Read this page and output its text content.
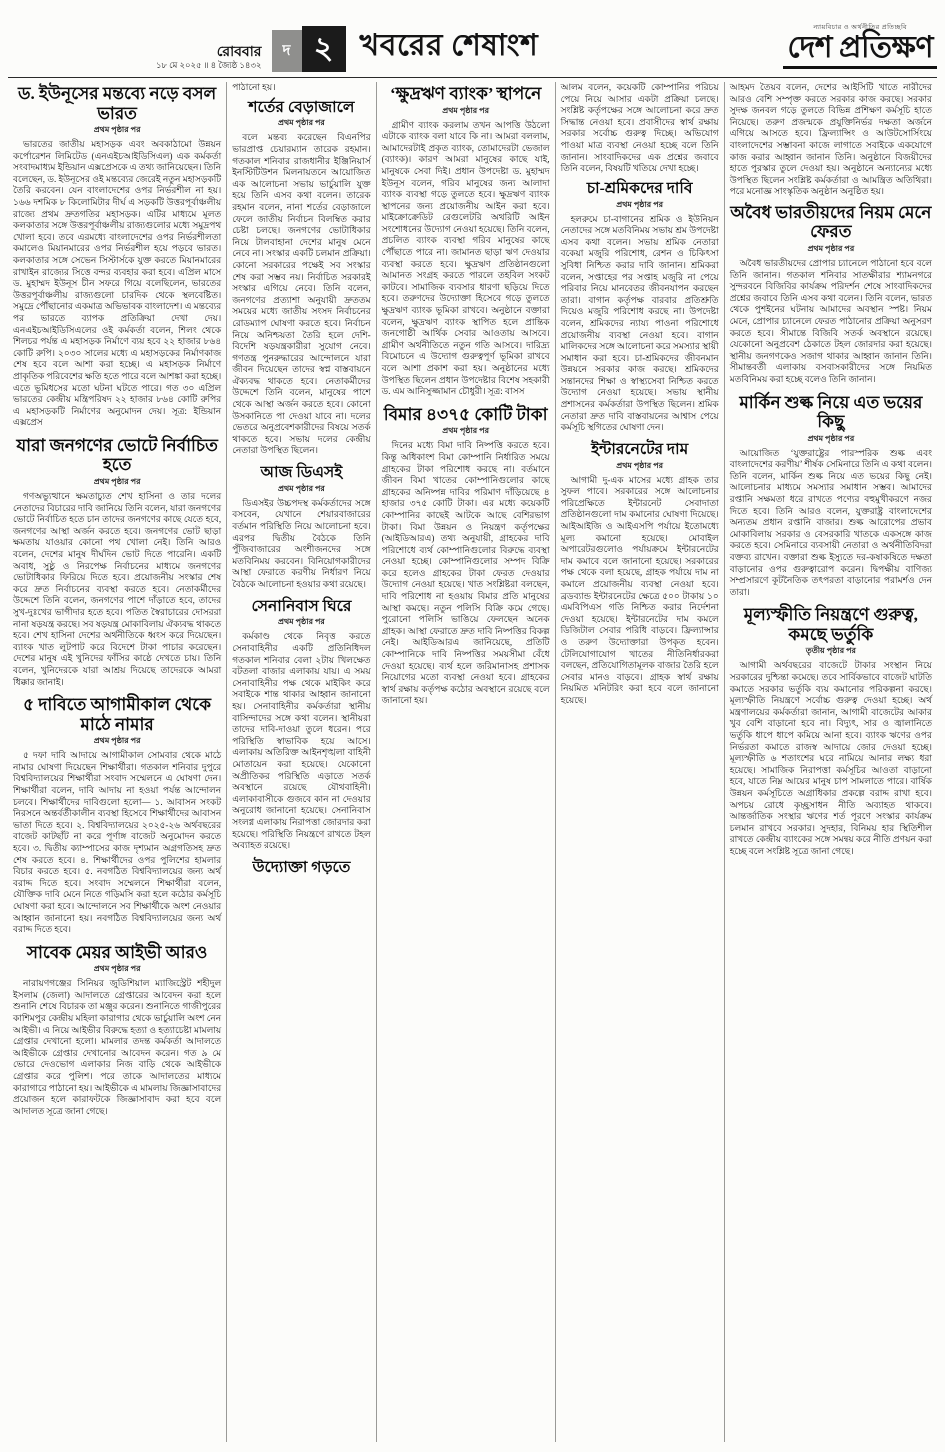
রোববার
১৮ মে ২০২৫ ॥ ৪ জ্যৈষ্ঠ ১৪৩২
দ ২ খবরের শেষাংশ
ন্যায়বিচার ও অর্থনীতির প্রতিচ্ছবি
দেশ প্রতিক্ষণ
ড. ইউনূসের মন্তব্যে নড়ে বসল ভারত
প্রথম পৃষ্ঠার পর

ভারতের জাতীয় মহাসড়ক এবং অবকাঠামো উন্নয়ন কর্পোরেশন লিমিটেড (এনএইচআইডিসিএল) এক কর্মকর্তা সংবাদমাধ্যম ইন্ডিয়ান এক্সপ্রেসকে এ তথ্য জানিয়েছেন। তিনি বলেছেন, ড. ইউনূসের ওই মন্তব্যের জেরেই নতুন মহাসড়কটি তৈরি করবেন। যেন বাংলাদেশের ওপর নির্ভরশীল না হয়। ১৬৬ দশমিক ৮ কিলোমিটার দীর্ঘ এ সড়কটি উত্তরপূর্বাঞ্চলীয় রাজ্যে প্রথম দ্রুতগতির মহাসড়ক। এটির মাধ্যমে মূলত কলকাতার সঙ্গে উত্তরপূর্বাঞ্চলীয় রাজ্যগুলোর মধ্যে সমুদ্রপথ খোলা হবে। তবে এরমধ্যে বাংলাদেশের ওপর নির্ভরশীলতা কমালেও মিয়ানমারের ওপর নির্ভরশীল হয়ে পড়বে ভারত। কলকাতার সঙ্গে সেভেন সিস্টার্সকে যুক্ত করতে মিয়ানমারের রাখাইন রাজ্যের সিত্তে বন্দর ব্যবহার করা হবে। এপ্রিল মাসে ড. মুহাম্মদ ইউনূস চীন সফরে গিয়ে বলেছিলেন, ভারতের উত্তরপূর্বাঞ্চলীয় রাজ্যগুলো চারদিক থেকে স্থলবেষ্টিত। সমুদ্রে পৌঁছানোর একমাত্র অভিভাবক বাংলাদেশ। এ মন্তব্যের পর ভারতে ব্যাপক প্রতিক্রিয়া দেখা দেয়। এনএইচআইডিসিএলের ওই কর্মকর্তা বলেন, শিলং থেকে শিলচর পর্যন্ত এ মহাসড়ক নির্মাণে ব্যয় হবে ২২ হাজার ৮৬৪ কোটি রুপি। ২০৩০ সালের মধ্যে এ মহাসড়কের নির্মাণকাজ শেষ হবে বলে আশা করা হচ্ছে। এ মহাসড়ক নির্মাণে প্রাকৃতিক পরিবেশের ক্ষতি হতে পারে বলে আশঙ্কা করা হচ্ছে। এতে ভূমিধসের মতো ঘটনা ঘটতে পারে। গত ৩০ এপ্রিল ভারতের কেন্দ্রীয় মন্ত্রিপরিষদ ২২ হাজার ৮৬৪ কোটি রুপির এ মহাসড়কটি নির্মাণের অনুমোদন দেয়। সূত্র: ইন্ডিয়ান এক্সপ্রেস

যারা জনগণের ভোটে নির্বাচিত হতে
প্রথম পৃষ্ঠার পর

গণঅভ্যুত্থানে ক্ষমতাচ্যুত শেখ হাসিনা ও তার দলের নেতাদের বিচারের দাবি জানিয়ে তিনি বলেন, যারা জনগণের ভোটে নির্বাচিত হতে চান তাদের জনগণের কাছে যেতে হবে, জনগণের আস্থা অর্জন করতে হবে। জনগণের ভোট ছাড়া ক্ষমতায় যাওয়ার কোনো পথ খোলা নেই। তিনি আরও বলেন, দেশের মানুষ দীর্ঘদিন ভোট দিতে পারেনি। একটি অবাধ, সুষ্ঠু ও নিরপেক্ষ নির্বাচনের মাধ্যমে জনগণের ভোটাধিকার ফিরিয়ে দিতে হবে। প্রয়োজনীয় সংস্কার শেষ করে দ্রুত নির্বাচনের ব্যবস্থা করতে হবে। নেতাকর্মীদের উদ্দেশে তিনি বলেন, জনগণের পাশে দাঁড়াতে হবে, তাদের সুখ-দুঃখের ভাগীদার হতে হবে। পতিত স্বৈরাচারের দোসররা নানা ষড়যন্ত্র করছে। সব ষড়যন্ত্র মোকাবিলায় ঐক্যবদ্ধ থাকতে হবে। শেখ হাসিনা দেশের অর্থনীতিকে ধ্বংস করে দিয়েছেন। ব্যাংক খাত লুটপাট করে বিদেশে টাকা পাচার করেছেন। দেশের মানুষ এই খুনিদের ফাঁসির কাষ্ঠে দেখতে চায়। তিনি বলেন, খুনিদেরকে যারা আশ্রয় দিয়েছে তাদেরকে আমরা ধিক্কার জানাই।

৫ দাবিতে আগামীকাল থেকে মাঠে নামার
প্রথম পৃষ্ঠার পর

৫ দফা দাবি আদায়ে আগামীকাল সোমবার থেকে মাঠে নামার ঘোষণা দিয়েছেন শিক্ষার্থীরা। গতকাল শনিবার দুপুরে বিশ্ববিদ্যালয়ের শিক্ষার্থীরা সংবাদ সম্মেলনে এ ঘোষণা দেন। শিক্ষার্থীরা বলেন, দাবি আদায় না হওয়া পর্যন্ত আন্দোলন চলবে। শিক্ষার্থীদের দাবিগুলো হলো— ১. আবাসন সংকট নিরসনে অন্তর্বর্তীকালীন ব্যবস্থা হিসেবে শিক্ষার্থীদের আবাসন ভাতা দিতে হবে। ২. বিশ্ববিদ্যালয়ের ২০২৫-২৬ অর্থবছরের বাজেট কাটছাঁট না করে পূর্ণাঙ্গ বাজেট অনুমোদন করতে হবে। ৩. দ্বিতীয় ক্যাম্পাসের কাজ দৃশ্যমান অগ্রগতিসহ দ্রুত শেষ করতে হবে। ৪. শিক্ষার্থীদের ওপর পুলিশের হামলার বিচার করতে হবে। ৫. নবগঠিত বিশ্ববিদ্যালয়ের জন্য অর্থ বরাদ্দ দিতে হবে। সংবাদ সম্মেলনে শিক্ষার্থীরা বলেন, যৌক্তিক দাবি মেনে নিতে গড়িমসি করা হলে কঠোর কর্মসূচি ঘোষণা করা হবে। আন্দোলনে সব শিক্ষার্থীকে অংশ নেওয়ার আহ্বান জানানো হয়। নবগঠিত বিশ্ববিদ্যালয়ের জন্য অর্থ বরাদ্দ দিতে হবে।

সাবেক মেয়র আইভী আরও
প্রথম পৃষ্ঠার পর

নারায়ণগঞ্জের সিনিয়র জুডিশিয়াল ম্যাজিস্ট্রেট শহীদুল ইসলাম (জেলা) আদালতে গ্রেপ্তারের আবেদন করা হলে শুনানি শেষে বিচারক তা মঞ্জুর করেন। শুনানিতে গাজীপুরের কাশিমপুর কেন্দ্রীয় মহিলা কারাগার থেকে ভার্চুয়ালি অংশ নেন আইভী। এ নিয়ে আইভীর বিরুদ্ধে হত্যা ও হত্যাচেষ্টা মামলায় গ্রেপ্তার দেখানো হলো। মামলার তদন্ত কর্মকর্তা আদালতে আইভীকে গ্রেপ্তার দেখানোর আবেদন করেন। গত ৯ মে ভোরে দেওভোগ এলাকার নিজ বাড়ি থেকে আইভীকে গ্রেপ্তার করে পুলিশ। পরে তাকে আদালতের মাধ্যমে কারাগারে পাঠানো হয়। আইভীকে এ মামলায় জিজ্ঞাসাবাদের প্রয়োজন হলে কারাফটকে জিজ্ঞাসাবাদ করা হবে বলে আদালত সূত্রে জানা গেছে।

পাঠানো হয়।

শর্তের বেড়াজালে
প্রথম পৃষ্ঠার পর

বলে মন্তব্য করেছেন বিএনপির ভারপ্রাপ্ত চেয়ারম্যান তারেক রহমান। গতকাল শনিবার রাজধানীর ইঞ্জিনিয়ার্স ইনস্টিটিউশন মিলনায়তনে আয়োজিত এক আলোচনা সভায় ভার্চুয়ালি যুক্ত হয়ে তিনি এসব কথা বলেন। তারেক রহমান বলেন, নানা শর্তের বেড়াজালে ফেলে জাতীয় নির্বাচন বিলম্বিত করার চেষ্টা চলছে। জনগণের ভোটাধিকার নিয়ে টালবাহানা দেশের মানুষ মেনে নেবে না। সংস্কার একটি চলমান প্রক্রিয়া। কোনো সরকারের পক্ষেই সব সংস্কার শেষ করা সম্ভব নয়। নির্বাচিত সরকারই সংস্কার এগিয়ে নেবে। তিনি বলেন, জনগণের প্রত্যাশা অনুযায়ী দ্রুততম সময়ের মধ্যে জাতীয় সংসদ নির্বাচনের রোডম্যাপ ঘোষণা করতে হবে। নির্বাচন নিয়ে অনিশ্চয়তা তৈরি হলে দেশি-বিদেশি ষড়যন্ত্রকারীরা সুযোগ নেবে। গণতন্ত্র পুনরুদ্ধারের আন্দোলনে যারা জীবন দিয়েছেন তাদের স্বপ্ন বাস্তবায়নে ঐক্যবদ্ধ থাকতে হবে। নেতাকর্মীদের উদ্দেশে তিনি বলেন, মানুষের পাশে থেকে আস্থা অর্জন করতে হবে। কোনো উসকানিতে পা দেওয়া যাবে না। দলের ভেতরে অনুপ্রবেশকারীদের বিষয়ে সতর্ক থাকতে হবে। সভায় দলের কেন্দ্রীয় নেতারা উপস্থিত ছিলেন।

আজ ডিএসই
প্রথম পৃষ্ঠার পর

ডিএসইর উচ্চপদস্থ কর্মকর্তাদের সঙ্গে বসবেন, যেখানে শেয়ারবাজারের বর্তমান পরিস্থিতি নিয়ে আলোচনা হবে। এরপর দ্বিতীয় বৈঠকে তিনি পুঁজিবাজারের অংশীজনদের সঙ্গে মতবিনিময় করবেন। বিনিয়োগকারীদের আস্থা ফেরাতে করণীয় নির্ধারণ নিয়ে বৈঠকে আলোচনা হওয়ার কথা রয়েছে।

সেনানিবাস ঘিরে
প্রথম পৃষ্ঠার পর

কর্মকাণ্ড থেকে নিবৃত্ত করতে সেনাবাহিনীর একটি প্রতিনিধিদল গতকাল শনিবার বেলা ২টায় খিলক্ষেত বটতলা বাজার এলাকায় যায়। এ সময় সেনাবাহিনীর পক্ষ থেকে মাইকিং করে সবাইকে শান্ত থাকার আহ্বান জানানো হয়। সেনাবাহিনীর কর্মকর্তারা স্থানীয় বাসিন্দাদের সঙ্গে কথা বলেন। স্থানীয়রা তাদের দাবি-দাওয়া তুলে ধরেন। পরে পরিস্থিতি স্বাভাবিক হয়ে আসে। এলাকায় অতিরিক্ত আইনশৃঙ্খলা বাহিনী মোতায়েন করা হয়েছে। যেকোনো অপ্রীতিকর পরিস্থিতি এড়াতে সতর্ক অবস্থানে রয়েছে যৌথবাহিনী। এলাকাবাসীকে গুজবে কান না দেওয়ার অনুরোধ জানানো হয়েছে। সেনানিবাস সংলগ্ন এলাকায় নিরাপত্তা জোরদার করা হয়েছে। পরিস্থিতি নিয়ন্ত্রণে রাখতে টহল অব্যাহত রয়েছে।

উদ্যোক্তা গড়তে
‘ক্ষুদ্রঋণ ব্যাংক’ স্থাপনে
প্রথম পৃষ্ঠার পর

গ্রামীণ ব্যাংক করলাম তখন আপত্তি উঠলো এটাকে ব্যাংক বলা যাবে কি না। আমরা বললাম, আমাদেরটাই প্রকৃত ব্যাংক, তোমাদেরটা ভেজাল (ব্যাংক)। কারণ আমরা মানুষের কাছে যাই, মানুষকে সেবা দিই। প্রধান উপদেষ্টা ড. মুহাম্মদ ইউনূস বলেন, গরিব মানুষের জন্য আলাদা ব্যাংক ব্যবস্থা গড়ে তুলতে হবে। ক্ষুদ্রঋণ ব্যাংক স্থাপনের জন্য প্রয়োজনীয় আইন করা হবে। মাইক্রোক্রেডিট রেগুলেটরি অথরিটি আইন সংশোধনের উদ্যোগ নেওয়া হয়েছে। তিনি বলেন, প্রচলিত ব্যাংক ব্যবস্থা গরিব মানুষের কাছে পৌঁছাতে পারে না। জামানত ছাড়া ঋণ দেওয়ার ব্যবস্থা করতে হবে। ক্ষুদ্রঋণ প্রতিষ্ঠানগুলো আমানত সংগ্রহ করতে পারলে তহবিল সংকট কাটবে। সামাজিক ব্যবসার ধারণা ছড়িয়ে দিতে হবে। তরুণদের উদ্যোক্তা হিসেবে গড়ে তুলতে ক্ষুদ্রঋণ ব্যাংক ভূমিকা রাখবে। অনুষ্ঠানে বক্তারা বলেন, ক্ষুদ্রঋণ ব্যাংক স্থাপিত হলে প্রান্তিক জনগোষ্ঠী আর্থিক সেবার আওতায় আসবে। গ্রামীণ অর্থনীতিতে নতুন গতি আসবে। দারিদ্র্য বিমোচনে এ উদ্যোগ গুরুত্বপূর্ণ ভূমিকা রাখবে বলে আশা প্রকাশ করা হয়। অনুষ্ঠানের মধ্যে উপস্থিত ছিলেন প্রধান উপদেষ্টার বিশেষ সহকারী ড. এম আনিসুজ্জামান চৌধুরী। সূত্র: বাসস

বিমার ৪৩৭৫ কোটি টাকা
প্রথম পৃষ্ঠার পর

দিনের মধ্যে বিমা দাবি নিষ্পত্তি করতে হবে। কিন্তু অধিকাংশ বিমা কোম্পানি নির্ধারিত সময়ে গ্রাহকের টাকা পরিশোধ করছে না। বর্তমানে জীবন বিমা খাতের কোম্পানিগুলোর কাছে গ্রাহকের অনিষ্পন্ন দাবির পরিমাণ দাঁড়িয়েছে ৪ হাজার ৩৭৫ কোটি টাকা। এর মধ্যে কয়েকটি কোম্পানির কাছেই আটকে আছে বেশিরভাগ টাকা। বিমা উন্নয়ন ও নিয়ন্ত্রণ কর্তৃপক্ষের (আইডিআরএ) তথ্য অনুযায়ী, গ্রাহকের দাবি পরিশোধে ব্যর্থ কোম্পানিগুলোর বিরুদ্ধে ব্যবস্থা নেওয়া হচ্ছে। কোম্পানিগুলোর সম্পদ বিক্রি করে হলেও গ্রাহকের টাকা ফেরত দেওয়ার উদ্যোগ নেওয়া হয়েছে। খাত সংশ্লিষ্টরা বলছেন, দাবি পরিশোধ না হওয়ায় বিমার প্রতি মানুষের আস্থা কমছে। নতুন পলিসি বিক্রি কমে গেছে। পুরোনো পলিসি ভাঙিয়ে ফেলছেন অনেক গ্রাহক। আস্থা ফেরাতে দ্রুত দাবি নিষ্পত্তির বিকল্প নেই। আইডিআরএ জানিয়েছে, প্রতিটি কোম্পানিকে দাবি নিষ্পত্তির সময়সীমা বেঁধে দেওয়া হয়েছে। ব্যর্থ হলে জরিমানাসহ প্রশাসক নিয়োগের মতো ব্যবস্থা নেওয়া হবে। গ্রাহকের স্বার্থ রক্ষায় কর্তৃপক্ষ কঠোর অবস্থানে রয়েছে বলে জানানো হয়।

আলম বলেন, কয়েকটি কোম্পানির পরিচয় পেয়ে নিয়ে আসার একটা প্রক্রিয়া চলছে। সংশ্লিষ্ট কর্তৃপক্ষের সঙ্গে আলোচনা করে দ্রুত সিদ্ধান্ত নেওয়া হবে। প্রবাসীদের স্বার্থ রক্ষায় সরকার সর্বোচ্চ গুরুত্ব দিচ্ছে। অভিযোগ পাওয়া মাত্র ব্যবস্থা নেওয়া হচ্ছে বলে তিনি জানান। সাংবাদিকদের এক প্রশ্নের জবাবে তিনি বলেন, বিষয়টি খতিয়ে দেখা হচ্ছে।

চা-শ্রমিকদের দাবি
প্রথম পৃষ্ঠার পর

হলরুমে চা-বাগানের শ্রমিক ও ইউনিয়ন নেতাদের সঙ্গে মতবিনিময় সভায় শ্রম উপদেষ্টা এসব কথা বলেন। সভায় শ্রমিক নেতারা বকেয়া মজুরি পরিশোধ, রেশন ও চিকিৎসা সুবিধা নিশ্চিত করার দাবি জানান। শ্রমিকরা বলেন, সপ্তাহের পর সপ্তাহ মজুরি না পেয়ে পরিবার নিয়ে মানবেতর জীবনযাপন করছেন তারা। বাগান কর্তৃপক্ষ বারবার প্রতিশ্রুতি দিয়েও মজুরি পরিশোধ করছে না। উপদেষ্টা বলেন, শ্রমিকদের ন্যায্য পাওনা পরিশোধে প্রয়োজনীয় ব্যবস্থা নেওয়া হবে। বাগান মালিকদের সঙ্গে আলোচনা করে সমস্যার স্থায়ী সমাধান করা হবে। চা-শ্রমিকদের জীবনমান উন্নয়নে সরকার কাজ করছে। শ্রমিকদের সন্তানদের শিক্ষা ও স্বাস্থ্যসেবা নিশ্চিত করতে উদ্যোগ নেওয়া হয়েছে। সভায় স্থানীয় প্রশাসনের কর্মকর্তারা উপস্থিত ছিলেন। শ্রমিক নেতারা দ্রুত দাবি বাস্তবায়নের আশ্বাস পেয়ে কর্মসূচি স্থগিতের ঘোষণা দেন।

ইন্টারনেটের দাম
প্রথম পৃষ্ঠার পর

আগামী দু-এক মাসের মধ্যে গ্রাহক তার সুফল পাবে। সরকারের সঙ্গে আলোচনার পরিপ্রেক্ষিতে ইন্টারনেট সেবাদাতা প্রতিষ্ঠানগুলো দাম কমানোর ঘোষণা দিয়েছে। আইআইজি ও আইএসপি পর্যায়ে ইতোমধ্যে মূল্য কমানো হয়েছে। মোবাইল অপারেটরগুলোও পর্যায়ক্রমে ইন্টারনেটের দাম কমাবে বলে জানানো হয়েছে। সরকারের পক্ষ থেকে বলা হয়েছে, গ্রাহক পর্যায়ে দাম না কমালে প্রয়োজনীয় ব্যবস্থা নেওয়া হবে। ব্রডব্যান্ড ইন্টারনেটের ক্ষেত্রে ৫০০ টাকায় ১০ এমবিপিএস গতি নিশ্চিত করার নির্দেশনা দেওয়া হয়েছে। ইন্টারনেটের দাম কমলে ডিজিটাল সেবার পরিধি বাড়বে। ফ্রিল্যান্সার ও তরুণ উদ্যোক্তারা উপকৃত হবেন। টেলিযোগাযোগ খাতের নীতিনির্ধারকরা বলছেন, প্রতিযোগিতামূলক বাজার তৈরি হলে সেবার মানও বাড়বে। গ্রাহক স্বার্থ রক্ষায় নিয়মিত মনিটরিং করা হবে বলে জানানো হয়েছে।

আহমদ তৈয়ব বলেন, দেশের আইসিটি খাতে নারীদের আরও বেশি সম্পৃক্ত করতে সরকার কাজ করছে। সরকার সুদক্ষ জনবল গড়ে তুলতে বিভিন্ন প্রশিক্ষণ কর্মসূচি হাতে নিয়েছে। তরুণ প্রজন্মকে প্রযুক্তিনির্ভর দক্ষতা অর্জনে এগিয়ে আসতে হবে। ফ্রিল্যান্সিং ও আউটসোর্সিংয়ে বাংলাদেশের সম্ভাবনা কাজে লাগাতে সবাইকে একযোগে কাজ করার আহ্বান জানান তিনি। অনুষ্ঠানে বিজয়ীদের হাতে পুরস্কার তুলে দেওয়া হয়। অনুষ্ঠানে অন্যান্যের মধ্যে উপস্থিত ছিলেন সংশ্লিষ্ট কর্মকর্তারা ও আমন্ত্রিত অতিথিরা। পরে মনোজ্ঞ সাংস্কৃতিক অনুষ্ঠান অনুষ্ঠিত হয়।

অবৈধ ভারতীয়দের নিয়ম মেনে ফেরত
প্রথম পৃষ্ঠার পর

অবৈধ ভারতীয়দের প্রোপার চ্যানেলে পাঠানো হবে বলে তিনি জানান। গতকাল শনিবার সাতক্ষীরার শ্যামনগরে সুন্দরবনে বিজিবির কার্যক্রম পরিদর্শন শেষে সাংবাদিকদের প্রশ্নের জবাবে তিনি এসব কথা বলেন। তিনি বলেন, ভারত থেকে পুশইনের ঘটনায় আমাদের অবস্থান স্পষ্ট। নিয়ম মেনে, প্রোপার চ্যানেলে ফেরত পাঠানোর প্রক্রিয়া অনুসরণ করতে হবে। সীমান্তে বিজিবি সতর্ক অবস্থানে রয়েছে। যেকোনো অনুপ্রবেশ ঠেকাতে টহল জোরদার করা হয়েছে। স্থানীয় জনগণকেও সজাগ থাকার আহ্বান জানান তিনি। সীমান্তবর্তী এলাকায় বসবাসকারীদের সঙ্গে নিয়মিত মতবিনিময় করা হচ্ছে বলেও তিনি জানান।

মার্কিন শুল্ক নিয়ে এত ভয়ের কিছু
প্রথম পৃষ্ঠার পর

আয়োজিত ‘যুক্তরাষ্ট্রের পারস্পরিক শুল্ক এবং বাংলাদেশের করণীয়’ শীর্ষক সেমিনারে তিনি এ কথা বলেন। তিনি বলেন, মার্কিন শুল্ক নিয়ে এত ভয়ের কিছু নেই। আলোচনার মাধ্যমে সমস্যার সমাধান সম্ভব। আমাদের রপ্তানি সক্ষমতা ধরে রাখতে পণ্যের বহুমুখীকরণে নজর দিতে হবে। তিনি আরও বলেন, যুক্তরাষ্ট্র বাংলাদেশের অন্যতম প্রধান রপ্তানি বাজার। শুল্ক আরোপের প্রভাব মোকাবিলায় সরকার ও বেসরকারি খাতকে একসঙ্গে কাজ করতে হবে। সেমিনারে ব্যবসায়ী নেতারা ও অর্থনীতিবিদরা বক্তব্য রাখেন। বক্তারা শুল্ক ইস্যুতে দর-কষাকষিতে দক্ষতা বাড়ানোর ওপর গুরুত্বারোপ করেন। দ্বিপক্ষীয় বাণিজ্য সম্প্রসারণে কূটনৈতিক তৎপরতা বাড়ানোর পরামর্শও দেন তারা।

মূল্যস্ফীতি নিয়ন্ত্রণে গুরুত্ব, কমছে ভর্তুকি
তৃতীয় পৃষ্ঠার পর

আগামী অর্থবছরের বাজেটে টাকার সংস্থান নিয়ে সরকারের দুশ্চিন্তা কমেছে। তবে সার্বিকভাবে বাজেট ঘাটতি কমাতে সরকার ভর্তুকি ব্যয় কমানোর পরিকল্পনা করছে। মূল্যস্ফীতি নিয়ন্ত্রণে সর্বোচ্চ গুরুত্ব দেওয়া হচ্ছে। অর্থ মন্ত্রণালয়ের কর্মকর্তারা জানান, আগামী বাজেটের আকার খুব বেশি বাড়ানো হবে না। বিদ্যুৎ, সার ও জ্বালানিতে ভর্তুকি ধাপে ধাপে কমিয়ে আনা হবে। ব্যাংক ঋণের ওপর নির্ভরতা কমাতে রাজস্ব আদায়ে জোর দেওয়া হচ্ছে। মূল্যস্ফীতি ৬ শতাংশের ঘরে নামিয়ে আনার লক্ষ্য ধরা হয়েছে। সামাজিক নিরাপত্তা কর্মসূচির আওতা বাড়ানো হবে, যাতে নিম্ন আয়ের মানুষ চাপ সামলাতে পারে। বার্ষিক উন্নয়ন কর্মসূচিতে অগ্রাধিকার প্রকল্পে বরাদ্দ রাখা হবে। অপচয় রোধে কৃচ্ছ্রসাধন নীতি অব্যাহত থাকবে। আন্তর্জাতিক সংস্থার ঋণের শর্ত পূরণে সংস্কার কার্যক্রম চলমান রাখবে সরকার। সুদহার, বিনিময় হার স্থিতিশীল রাখতে কেন্দ্রীয় ব্যাংকের সঙ্গে সমন্বয় করে নীতি প্রণয়ন করা হচ্ছে বলে সংশ্লিষ্ট সূত্রে জানা গেছে।
